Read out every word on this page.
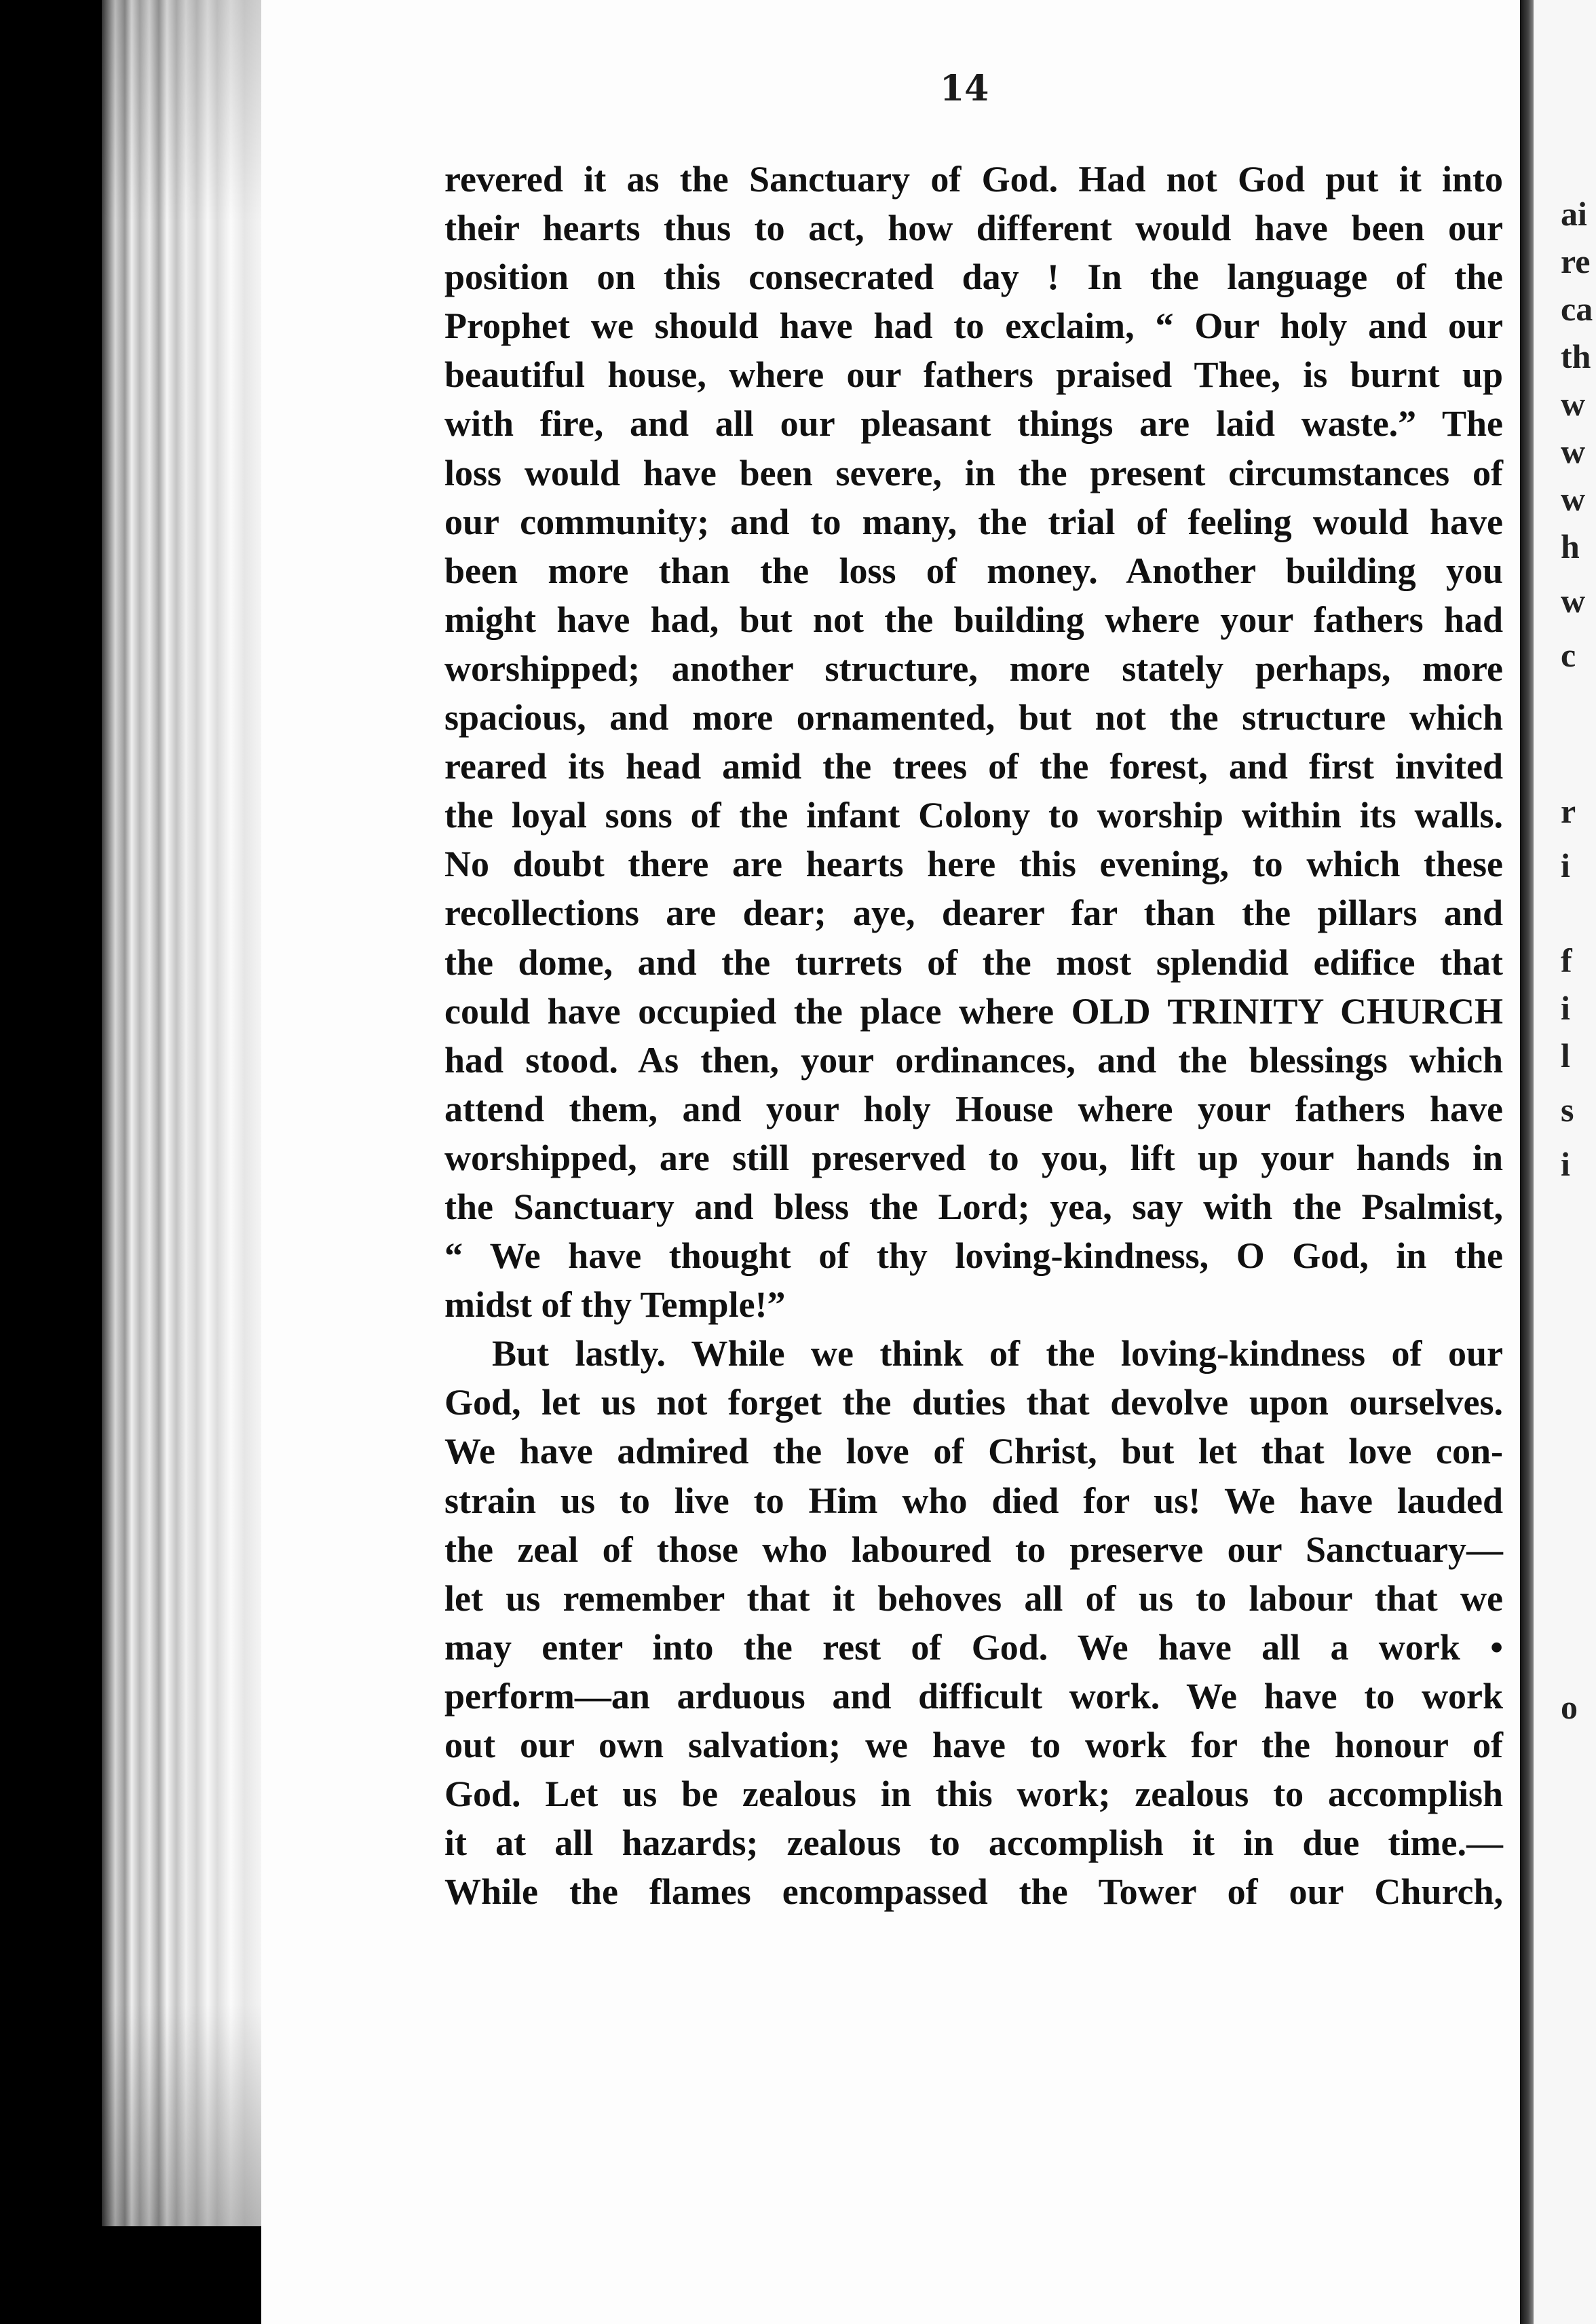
14
revered it as the Sanctuary of God. Had not God put it into
their hearts thus to act, how different would have been our
position on this consecrated day ! In the language of the
Prophet we should have had to exclaim, “ Our holy and our
beautiful house, where our fathers praised Thee, is burnt up
with fire, and all our pleasant things are laid waste.” The
loss would have been severe, in the present circumstances of
our community; and to many, the trial of feeling would have
been more than the loss of money. Another building you
might have had, but not the building where your fathers had
worshipped; another structure, more stately perhaps, more
spacious, and more ornamented, but not the structure which
reared its head amid the trees of the forest, and first invited
the loyal sons of the infant Colony to worship within its walls.
No doubt there are hearts here this evening, to which these
recollections are dear; aye, dearer far than the pillars and
the dome, and the turrets of the most splendid edifice that
could have occupied the place where OLD TRINITY CHURCH
had stood. As then, your ordinances, and the blessings which
attend them, and your holy House where your fathers have
worshipped, are still preserved to you, lift up your hands in
the Sanctuary and bless the Lord; yea, say with the Psalmist,
“ We have thought of thy loving-kindness, O God, in the
midst of thy Temple!”
But lastly. While we think of the loving-kindness of our
God, let us not forget the duties that devolve upon ourselves.
We have admired the love of Christ, but let that love con-
strain us to live to Him who died for us! We have lauded
the zeal of those who laboured to preserve our Sanctuary—
let us remember that it behoves all of us to labour that we
may enter into the rest of God. We have all a work •
perform—an arduous and difficult work. We have to work
out our own salvation; we have to work for the honour of
God. Let us be zealous in this work; zealous to accomplish
it at all hazards; zealous to accomplish it in due time.—
While the flames encompassed the Tower of our Church,
ai
re
ca
th
w
w
w
h
w
c
r
i
f
i
l
s
i
o
